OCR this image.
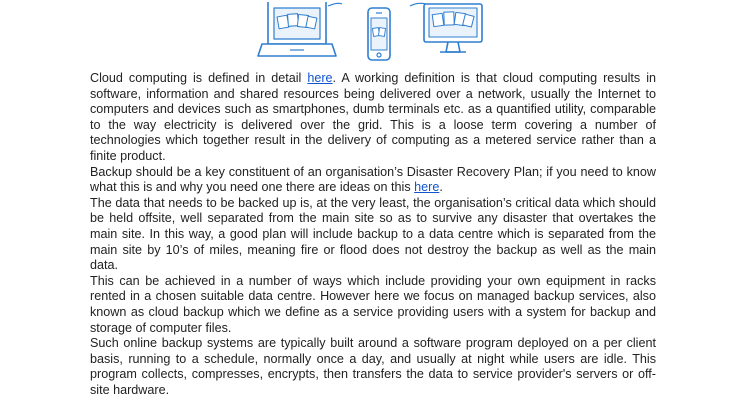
Cloud computing is defined in detail here. A working definition is that cloud computing results in software, information and shared resources being delivered over a network, usually the Internet to computers and devices such as smartphones, dumb terminals etc. as a quantified utility, comparable to the way electricity is delivered over the grid. This is a loose term covering a number of technologies which together result in the delivery of computing as a metered service rather than a finite product.

Backup should be a key constituent of an organisation’s Disaster Recovery Plan; if you need to know what this is and why you need one there are ideas on this here.

The data that needs to be backed up is, at the very least, the organisation’s critical data which should be held offsite, well separated from the main site so as to survive any disaster that overtakes the main site. In this way, a good plan will include backup to a data centre which is separated from the main site by 10’s of miles, meaning fire or flood does not destroy the backup as well as the main data.

This can be achieved in a number of ways which include providing your own equipment in racks rented in a chosen suitable data centre. However here we focus on managed backup services, also known as cloud backup which we define as a service providing users with a system for backup and storage of computer files.

Such online backup systems are typically built around a software program deployed on a per client basis, running to a schedule, normally once a day, and usually at night while users are idle. This program collects, compresses, encrypts, then transfers the data to service provider's servers or off-site hardware.
